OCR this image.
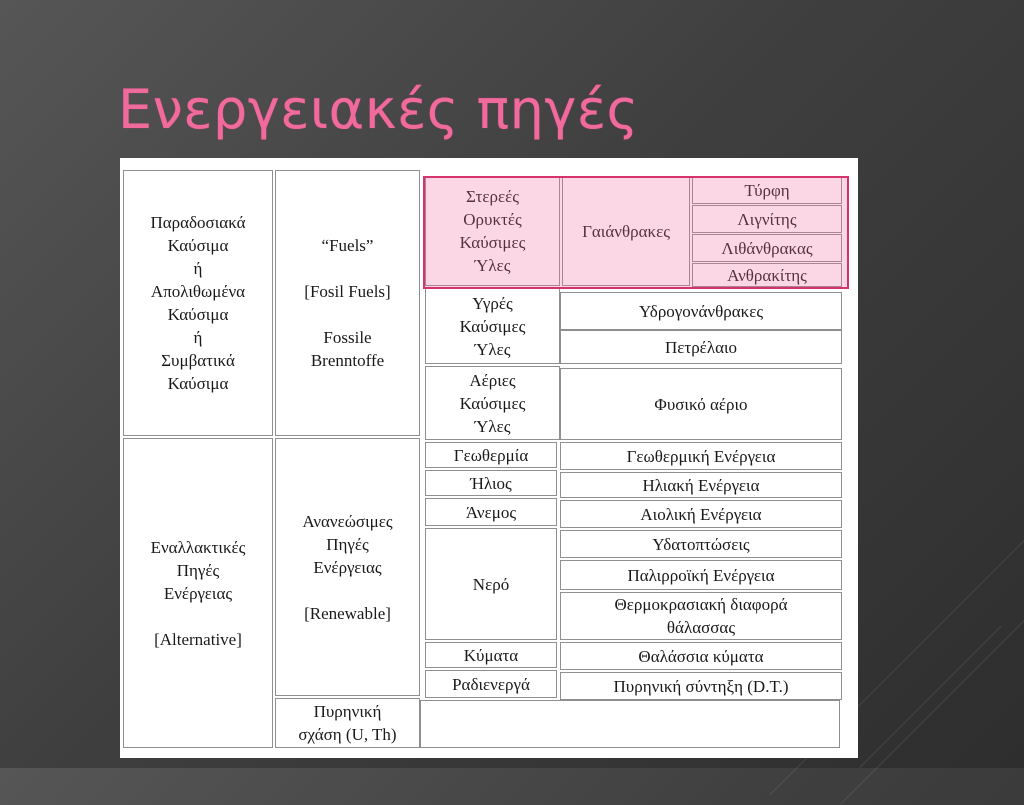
Ενεργειακές πηγές
Παραδοσιακά
Καύσιμα
ή
Απολιθωμένα
Καύσιμα
ή
Συμβατικά
Καύσιμα
Εναλλακτικές
Πηγές
Ενέργειας

[Alternative]
“Fuels”

[Fosil Fuels]

Fossile
Brenntoffe
Ανανεώσιμες
Πηγές
Ενέργειας

[Renewable]
Πυρηνική
σχάση (U, Th)
Στερεές
Ορυκτές
Καύσιμες
Ύλες
Υγρές
Καύσιμες
Ύλες
Αέριες
Καύσιμες
Ύλες
Γεωθερμία
Ήλιος
Άνεμος
Νερό
Κύματα
Ραδιενεργά
Γαιάνθρακες
Τύρφη
Λιγνίτης
Λιθάνθρακας
Ανθρακίτης
Υδρογονάνθρακες
Πετρέλαιο
Φυσικό αέριο
Γεωθερμική Ενέργεια
Ηλιακή Ενέργεια
Αιολική Ενέργεια
Υδατοπτώσεις
Παλιρροϊκή Ενέργεια
Θερμοκρασιακή διαφορά
θάλασσας
Θαλάσσια κύματα
Πυρηνική σύντηξη (D.T.)
